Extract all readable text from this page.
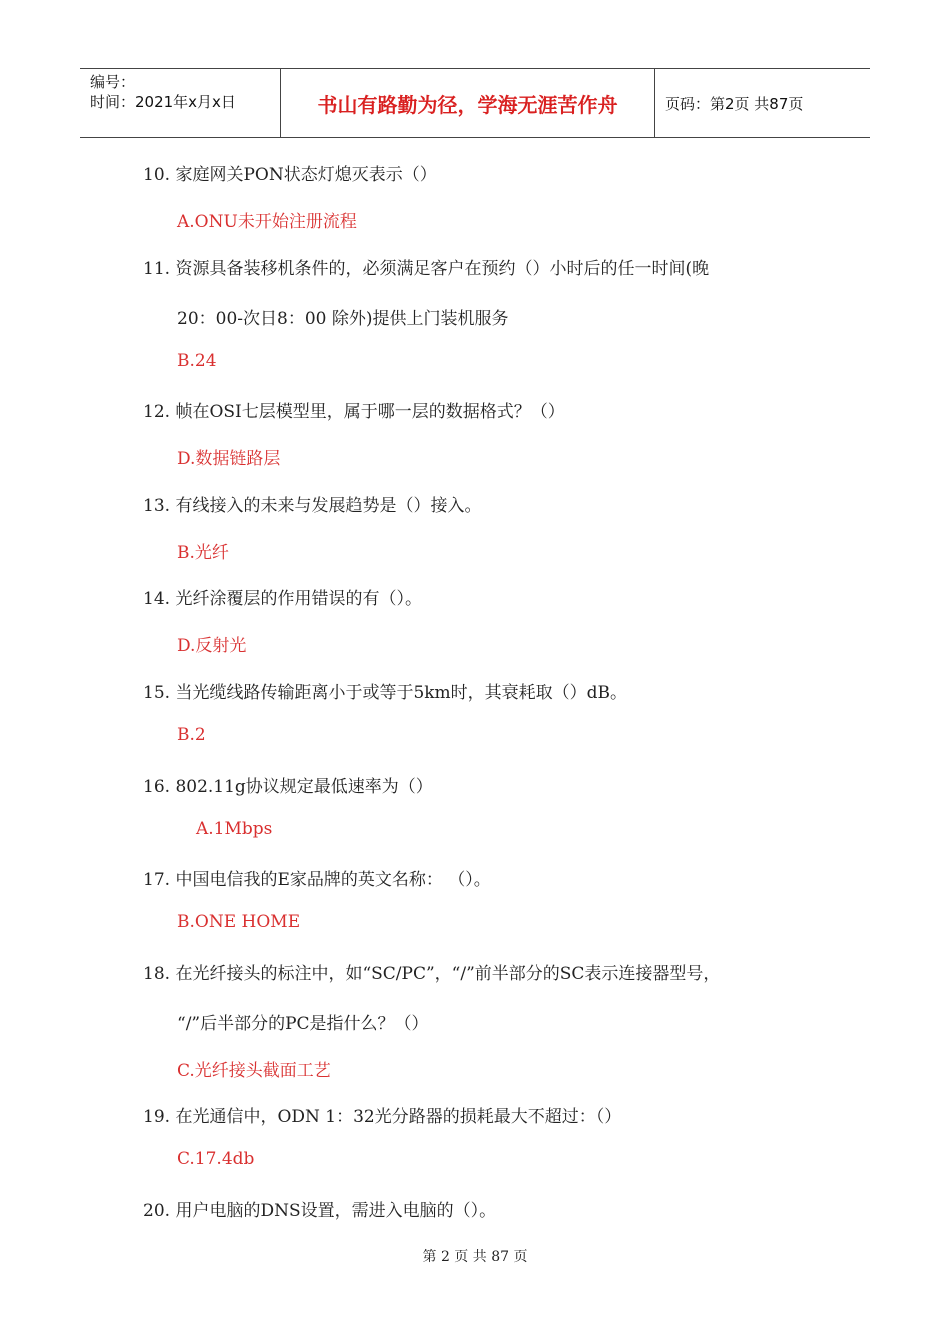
编号：
时间：2021年x月x日	书山有路勤为径，学海无涯苦作舟	页码：第2页 共87页
10. 家庭网关PON状态灯熄灭表示（）
A.ONU未开始注册流程
11. 资源具备装移机条件的，必须满足客户在预约（）小时后的任一时间(晚
20：00-次日8：00 除外)提供上门装机服务
B.24
12. 帧在OSI七层模型里，属于哪一层的数据格式？（）
D.数据链路层
13. 有线接入的未来与发展趋势是（）接入。
B.光纤
14. 光纤涂覆层的作用错误的有（）。
D.反射光
15. 当光缆线路传输距离小于或等于5km时，其衰耗取（）dB。
B.2
16. 802.11g协议规定最低速率为（）
A.1Mbps
17. 中国电信我的E家品牌的英文名称： （）。
B.ONE HOME
18. 在光纤接头的标注中，如“SC/PC”，“/”前半部分的SC表示连接器型号，
“/”后半部分的PC是指什么？（）
C.光纤接头截面工艺
19. 在光通信中，ODN 1：32光分路器的损耗最大不超过：（）
C.17.4db
20. 用户电脑的DNS设置，需进入电脑的（）。
第 2 页 共 87 页
